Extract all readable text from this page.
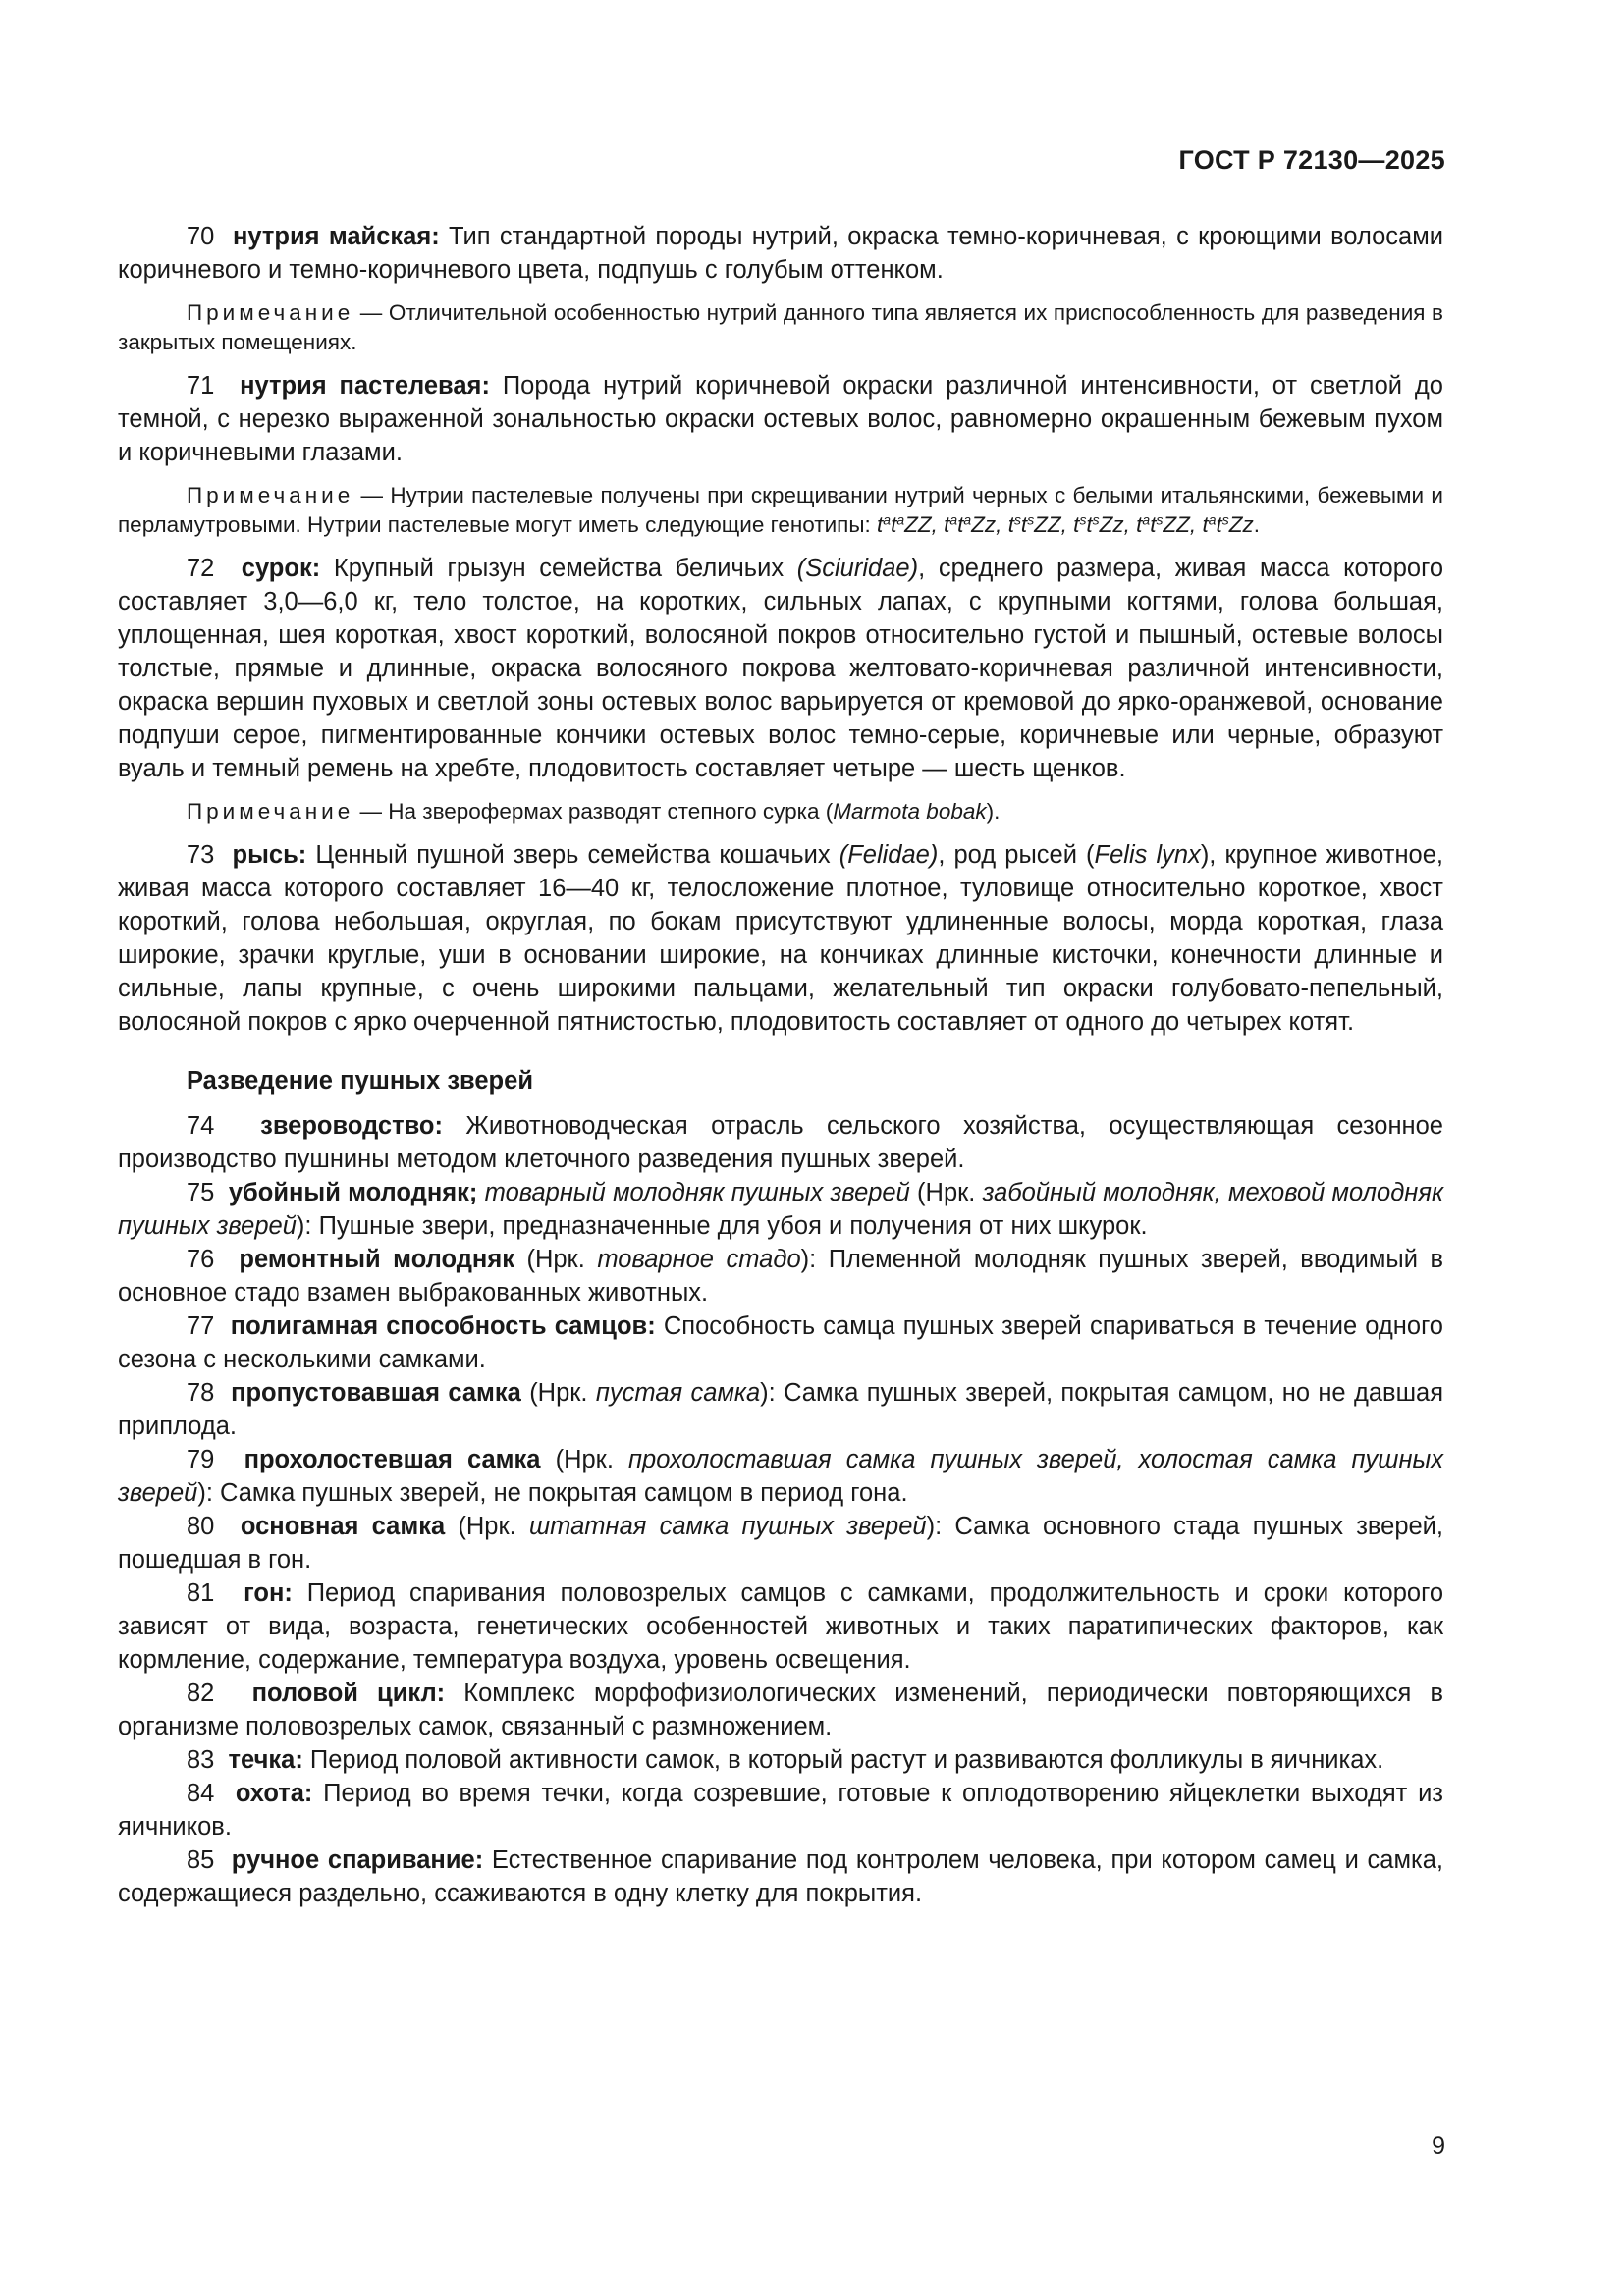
ГОСТ Р 72130—2025

70 нутрия майская: Тип стандартной породы нутрий, окраска темно-коричневая, с кроющими волосами коричневого и темно-коричневого цвета, подпушь с голубым оттенком.

Примечание — Отличительной особенностью нутрий данного типа является их приспособленность для разведения в закрытых помещениях.

71 нутрия пастелевая: Порода нутрий коричневой окраски различной интенсивности, от светлой до темной, с нерезко выраженной зональностью окраски остевых волос, равномерно окрашенным бежевым пухом и коричневыми глазами.

Примечание — Нутрии пастелевые получены при скрещивании нутрий черных с белыми итальянскими, бежевыми и перламутровыми. Нутрии пастелевые могут иметь следующие генотипы: $t^at^aZZ$, $t^at^aZz$, $t^st^sZZ$, $t^st^sZz$, $t^at^sZZ$, $t^at^sZz$.

72 сурок: Крупный грызун семейства беличьих (Sciuridae), среднего размера, живая масса которого составляет 3,0—6,0 кг, тело толстое, на коротких, сильных лапах, с крупными когтями, голова большая, уплощенная, шея короткая, хвост короткий, волосяной покров относительно густой и пышный, остевые волосы толстые, прямые и длинные, окраска волосяного покрова желтовато-коричневая различной интенсивности, окраска вершин пуховых и светлой зоны остевых волос варьируется от кремовой до ярко-оранжевой, основание подпуши серое, пигментированные кончики остевых волос темно-серые, коричневые или черные, образуют вуаль и темный ремень на хребте, плодовитость составляет четыре — шесть щенков.

Примечание — На зверофермах разводят степного сурка (Marmota bobak).

73 рысь: Ценный пушной зверь семейства кошачьих (Felidae), род рысей (Felis lynx), крупное животное, живая масса которого составляет 16—40 кг, телосложение плотное, туловище относительно короткое, хвост короткий, голова небольшая, округлая, по бокам присутствуют удлиненные волосы, морда короткая, глаза широкие, зрачки круглые, уши в основании широкие, на кончиках длинные кисточки, конечности длинные и сильные, лапы крупные, с очень широкими пальцами, желательный тип окраски голубовато-пепельный, волосяной покров с ярко очерченной пятнистостью, плодовитость составляет от одного до четырех котят.

Разведение пушных зверей

74 звероводство: Животноводческая отрасль сельского хозяйства, осуществляющая сезонное производство пушнины методом клеточного разведения пушных зверей.

75 убойный молодняк; товарный молодняк пушных зверей (Нрк. забойный молодняк, меховой молодняк пушных зверей): Пушные звери, предназначенные для убоя и получения от них шкурок.

76 ремонтный молодняк (Нрк. товарное стадо): Племенной молодняк пушных зверей, вводимый в основное стадо взамен выбракованных животных.

77 полигамная способность самцов: Способность самца пушных зверей спариваться в течение одного сезона с несколькими самками.

78 пропустовавшая самка (Нрк. пустая самка): Самка пушных зверей, покрытая самцом, но не давшая приплода.

79 прохолостевшая самка (Нрк. прохолоставшая самка пушных зверей, холостая самка пушных зверей): Самка пушных зверей, не покрытая самцом в период гона.

80 основная самка (Нрк. штатная самка пушных зверей): Самка основного стада пушных зверей, пошедшая в гон.

81 гон: Период спаривания половозрелых самцов с самками, продолжительность и сроки которого зависят от вида, возраста, генетических особенностей животных и таких паратипических факторов, как кормление, содержание, температура воздуха, уровень освещения.

82 половой цикл: Комплекс морфофизиологических изменений, периодически повторяющихся в организме половозрелых самок, связанный с размножением.

83 течка: Период половой активности самок, в который растут и развиваются фолликулы в яичниках.

84 охота: Период во время течки, когда созревшие, готовые к оплодотворению яйцеклетки выходят из яичников.

85 ручное спаривание: Естественное спаривание под контролем человека, при котором самец и самка, содержащиеся раздельно, ссаживаются в одну клетку для покрытия.

9
